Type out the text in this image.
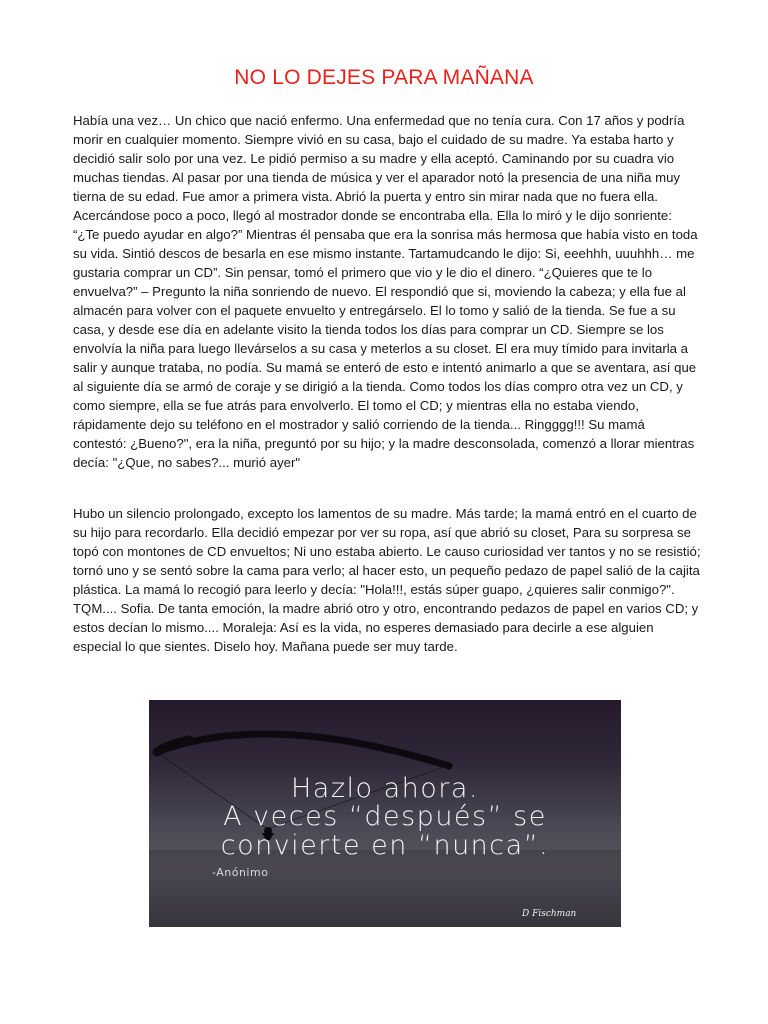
NO LO DEJES PARA MAÑANA

Había una vez… Un chico que nació enfermo. Una enfermedad que no tenía cura. Con 17 años y podría morir en cualquier momento. Siempre vivió en su casa, bajo el cuidado de su madre. Ya estaba harto y decidió salir solo por una vez. Le pidió permiso a su madre y ella aceptó. Caminando por su cuadra vio muchas tiendas. Al pasar por una tienda de música y ver el aparador notó la presencia de una niña muy tierna de su edad. Fue amor a primera vista. Abrió la puerta y entro sin mirar nada que no fuera ella. Acercándose poco a poco, llegó al mostrador donde se encontraba ella. Ella lo miró y le dijo sonriente: “¿Te puedo ayudar en algo?” Mientras él pensaba que era la sonrisa más hermosa que había visto en toda su vida. Sintió descos de besarla en ese mismo instante. Tartamudcando le dijo: Si, eeehhh, uuuhhh… me gustaria comprar un CD”. Sin pensar, tomó el primero que vio y le dio el dinero. “¿Quieres que te lo envuelva?” – Pregunto la niña sonriendo de nuevo. El respondió que si, moviendo la cabeza; y ella fue al almacén para volver con el paquete envuelto y entregárselo. El lo tomo y salió de la tienda. Se fue a su casa, y desde ese día en adelante visito la tienda todos los días para comprar un CD. Siempre se los envolvía la niña para luego llevárselos a su casa y meterlos a su closet. El era muy tímido para invitarla a salir y aunque trataba, no podía. Su mamá se enteró de esto e intentó animarlo a que se aventara, así que al siguiente día se armó de coraje y se dirigió a la tienda. Como todos los días compro otra vez un CD, y como siempre, ella se fue atrás para envolverlo. El tomo el CD; y mientras ella no estaba viendo, rápidamente dejo su teléfono en el mostrador y salió corriendo de la tienda... Ringggg!!! Su mamá contestó: ¿Bueno?", era la niña, preguntó por su hijo; y la madre desconsolada, comenzó a llorar mientras decía: "¿Que, no sabes?... murió ayer"

Hubo un silencio prolongado, excepto los lamentos de su madre. Más tarde; la mamá entró en el cuarto de su hijo para recordarlo. Ella decidió empezar por ver su ropa, así que abrió su closet, Para su sorpresa se topó con montones de CD envueltos; Ni uno estaba abierto. Le causo curiosidad ver tantos y no se resistió; tornó uno y se sentó sobre la cama para verlo; al hacer esto, un pequeño pedazo de papel salió de la cajita plástica. La mamá lo recogió para leerlo y decía: "Hola!!!, estás súper guapo, ¿quieres salir conmigo?". TQM.... Sofia. De tanta emoción, la madre abrió otro y otro, encontrando pedazos de papel en varios CD; y estos decían lo mismo.... Moraleja: Así es la vida, no esperes demasiado para decirle a ese alguien especial lo que sientes. Diselo hoy. Mañana puede ser muy tarde.

Hazlo ahora.
A veces “después” se
convierte en “nunca”.
-Anónimo
D Fischman
